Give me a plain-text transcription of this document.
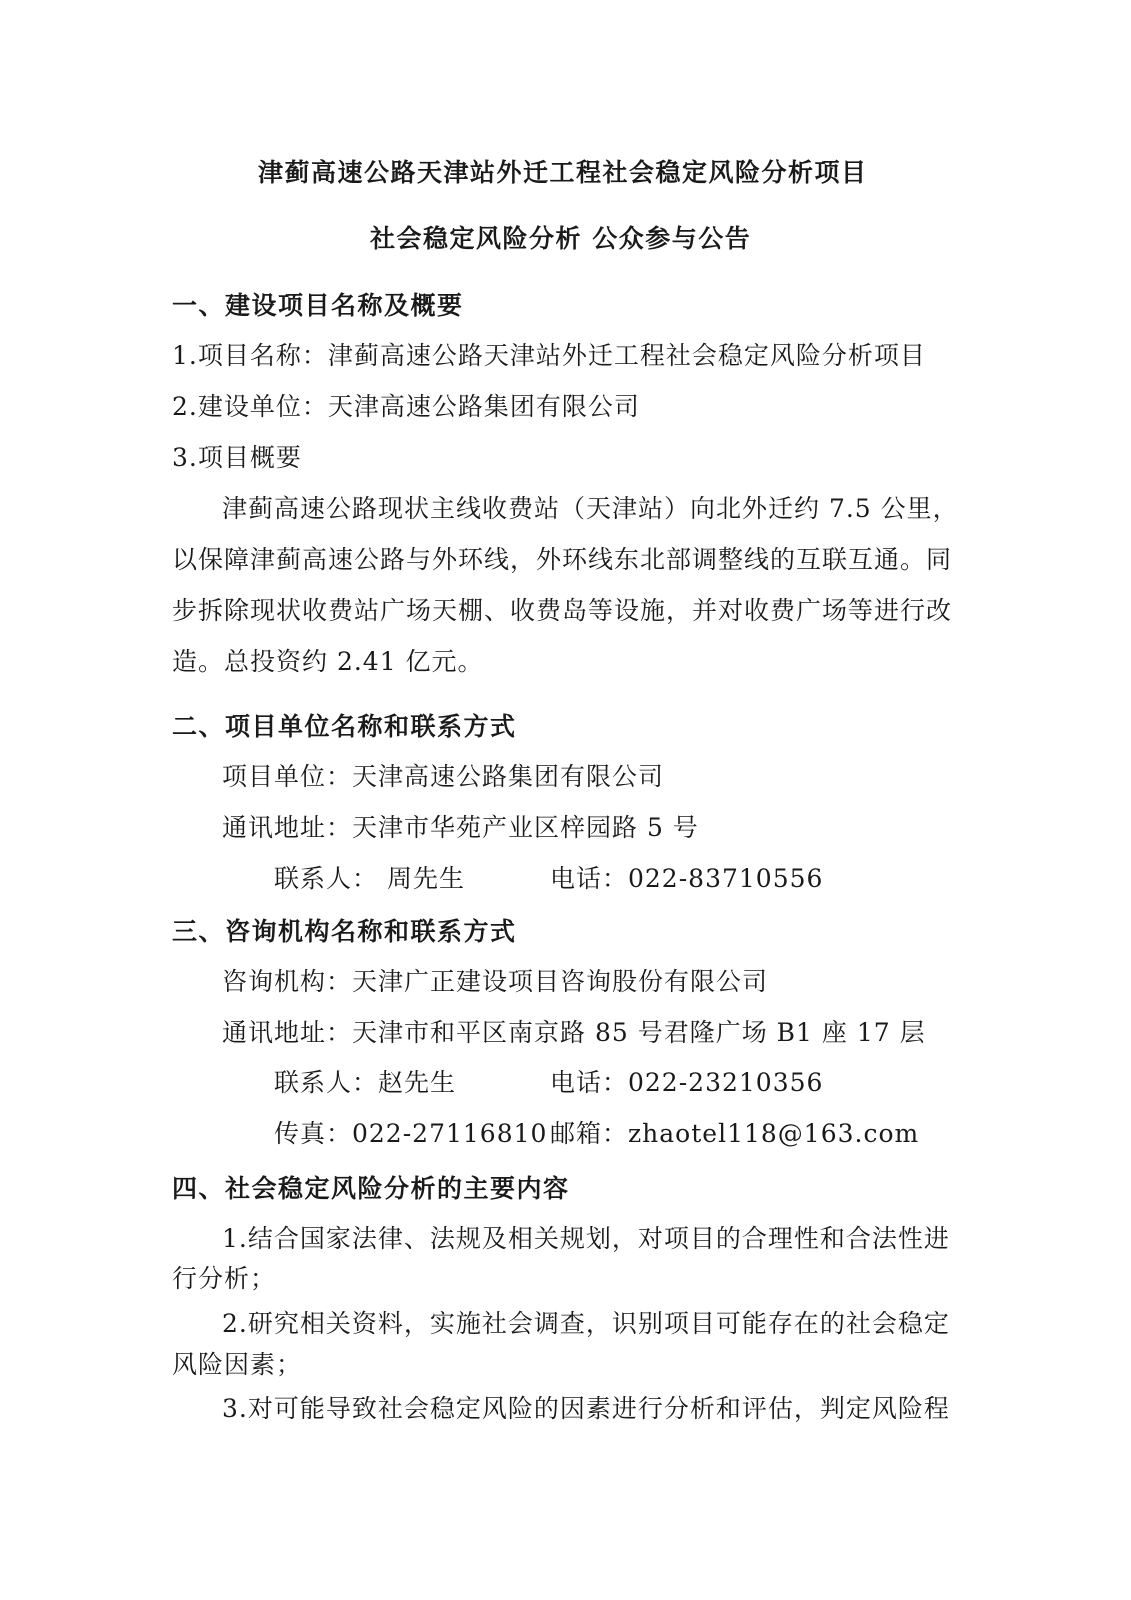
津蓟高速公路天津站外迁工程社会稳定风险分析项目
社会稳定风险分析 公众参与公告
一、建设项目名称及概要
1.项目名称：津蓟高速公路天津站外迁工程社会稳定风险分析项目
2.建设单位：天津高速公路集团有限公司
3.项目概要
津蓟高速公路现状主线收费站（天津站）向北外迁约 7.5 公里，
以保障津蓟高速公路与外环线，外环线东北部调整线的互联互通。同
步拆除现状收费站广场天棚、收费岛等设施，并对收费广场等进行改
造。总投资约 2.41 亿元。
二、项目单位名称和联系方式
项目单位：天津高速公路集团有限公司
通讯地址：天津市华苑产业区梓园路 5 号
联系人： 周先生	电话：022-83710556
三、咨询机构名称和联系方式
咨询机构：天津广正建设项目咨询股份有限公司
通讯地址：天津市和平区南京路 85 号君隆广场 B1 座 17 层
联系人：赵先生	电话：022-23210356
传真：022-27116810 邮箱：zhaotel118@163.com
四、社会稳定风险分析的主要内容
1.结合国家法律、法规及相关规划，对项目的合理性和合法性进
行分析；
2.研究相关资料，实施社会调查，识别项目可能存在的社会稳定
风险因素；
3.对可能导致社会稳定风险的因素进行分析和评估，判定风险程
